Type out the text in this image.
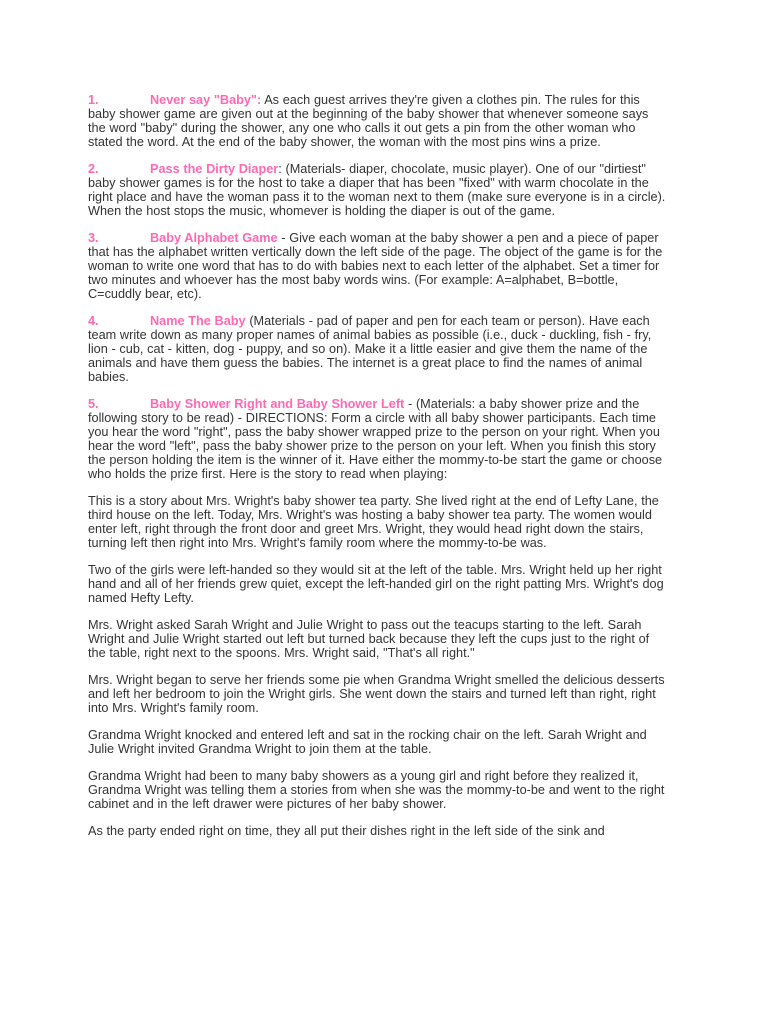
1.	Never say "Baby": As each guest arrives they're given a clothes pin. The rules for this baby shower game are given out at the beginning of the baby shower that whenever someone says the word "baby" during the shower, any one who calls it out gets a pin from the other woman who stated the word. At the end of the baby shower, the woman with the most pins wins a prize.

2.	Pass the Dirty Diaper: (Materials- diaper, chocolate, music player). One of our "dirtiest" baby shower games is for the host to take a diaper that has been "fixed" with warm chocolate in the right place and have the woman pass it to the woman next to them (make sure everyone is in a circle). When the host stops the music, whomever is holding the diaper is out of the game.

3.	Baby Alphabet Game - Give each woman at the baby shower a pen and a piece of paper that has the alphabet written vertically down the left side of the page. The object of the game is for the woman to write one word that has to do with babies next to each letter of the alphabet. Set a timer for two minutes and whoever has the most baby words wins. (For example: A=alphabet, B=bottle, C=cuddly bear, etc).

4.	Name The Baby (Materials - pad of paper and pen for each team or person). Have each team write down as many proper names of animal babies as possible (i.e., duck - duckling, fish - fry, lion - cub, cat - kitten, dog - puppy, and so on). Make it a little easier and give them the name of the animals and have them guess the babies. The internet is a great place to find the names of animal babies.

5.	Baby Shower Right and Baby Shower Left - (Materials: a baby shower prize and the following story to be read) - DIRECTIONS: Form a circle with all baby shower participants. Each time you hear the word "right", pass the baby shower wrapped prize to the person on your right. When you hear the word "left", pass the baby shower prize to the person on your left. When you finish this story the person holding the item is the winner of it. Have either the mommy-to-be start the game or choose who holds the prize first. Here is the story to read when playing:

This is a story about Mrs. Wright's baby shower tea party. She lived right at the end of Lefty Lane, the third house on the left. Today, Mrs. Wright's was hosting a baby shower tea party. The women would enter left, right through the front door and greet Mrs. Wright, they would head right down the stairs, turning left then right into Mrs. Wright's family room where the mommy-to-be was.

Two of the girls were left-handed so they would sit at the left of the table. Mrs. Wright held up her right hand and all of her friends grew quiet, except the left-handed girl on the right patting Mrs. Wright's dog named Hefty Lefty.

Mrs. Wright asked Sarah Wright and Julie Wright to pass out the teacups starting to the left. Sarah Wright and Julie Wright started out left but turned back because they left the cups just to the right of the table, right next to the spoons. Mrs. Wright said, "That's all right."

Mrs. Wright began to serve her friends some pie when Grandma Wright smelled the delicious desserts and left her bedroom to join the Wright girls. She went down the stairs and turned left than right, right into Mrs. Wright's family room.

Grandma Wright knocked and entered left and sat in the rocking chair on the left. Sarah Wright and Julie Wright invited Grandma Wright to join them at the table.

Grandma Wright had been to many baby showers as a young girl and right before they realized it, Grandma Wright was telling them a stories from when she was the mommy-to-be and went to the right cabinet and in the left drawer were pictures of her baby shower.

As the party ended right on time, they all put their dishes right in the left side of the sink and
